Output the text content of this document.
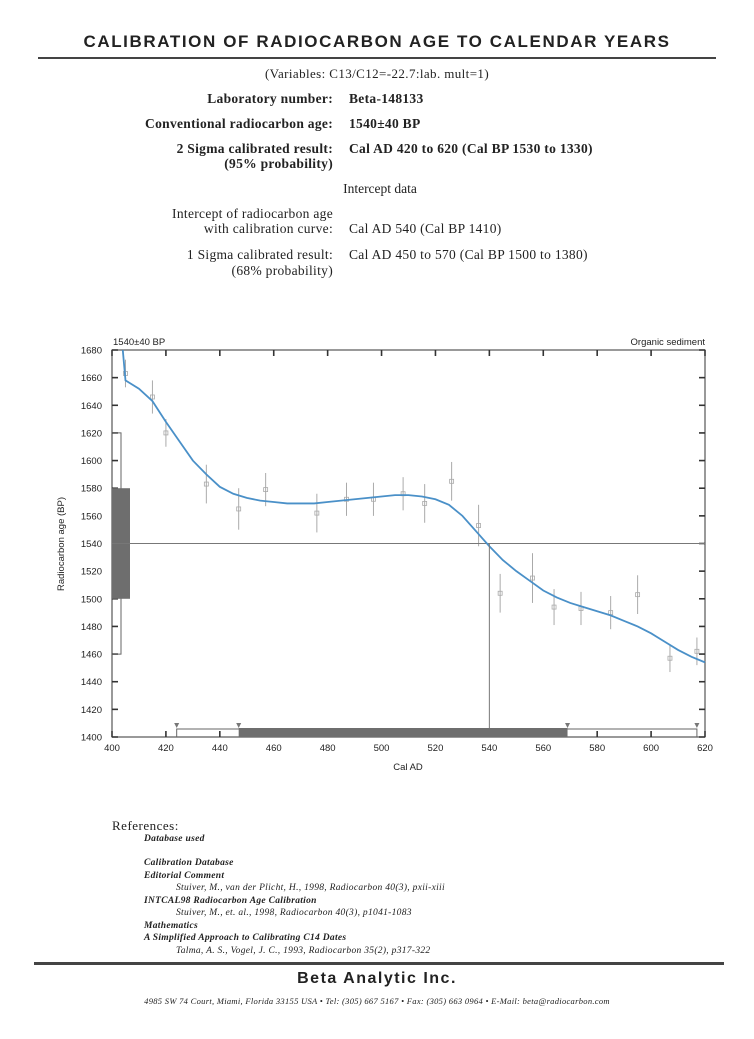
CALIBRATION OF RADIOCARBON AGE TO CALENDAR YEARS
(Variables: C13/C12=-22.7:lab. mult=1)
Laboratory number: Beta-148133
Conventional radiocarbon age: 1540±40 BP
2 Sigma calibrated result:
(95% probability)
Cal AD 420 to 620 (Cal BP 1530 to 1330)
Intercept data
Intercept of radiocarbon age
with calibration curve: Cal AD 540 (Cal BP 1410)
1 Sigma calibrated result:
(68% probability)
Cal AD 450 to 570 (Cal BP 1500 to 1380)
1540±40 BP	Organic sediment
Cal AD
Radiocarbon age (BP)
400	420	440	460	480	500	520	540	560	580	600	620
1400
1420
1440
1460
1480
1500
1520
1540
1560
1580
1600
1620
1640
1660
1680
References:
Database used
Calibration Database
Editorial Comment
Stuiver, M., van der Plicht, H., 1998, Radiocarbon 40(3), pxii-xiii
INTCAL98 Radiocarbon Age Calibration
Stuiver, M., et. al., 1998, Radiocarbon 40(3), p1041-1083
Mathematics
A Simplified Approach to Calibrating C14 Dates
Talma, A. S., Vogel, J. C., 1993, Radiocarbon 35(2), p317-322
Beta Analytic Inc.
4985 SW 74 Court, Miami, Florida 33155 USA • Tel: (305) 667 5167 • Fax: (305) 663 0964 • E-Mail: beta@radiocarbon.com
